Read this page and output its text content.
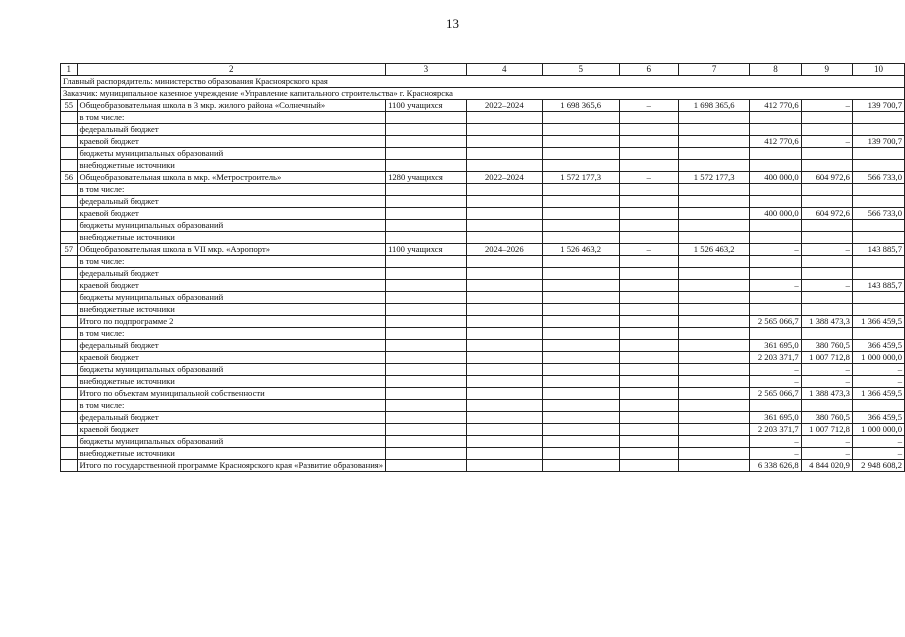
13
1	2	3	4	5	6	7	8	9	10
Главный распорядитель: министерство образования Красноярского края									
Заказчик: муниципальное казенное учреждение «Управление капитального строительства» г. Красноярска									
55	Общеобразовательная школа в 3 мкр. жилого района «Солнечный»	1100 учащихся	2022–2024	1 698 365,6	–	1 698 365,6	412 770,6	–	139 700,7
	в том числе:								
	федеральный бюджет								
	краевой бюджет						412 770,6	–	139 700,7
	бюджеты муниципальных образований								
	внебюджетные источники								
56	Общеобразовательная школа в мкр. «Метростроитель»	1280 учащихся	2022–2024	1 572 177,3	–	1 572 177,3	400 000,0	604 972,6	566 733,0
	в том числе:								
	федеральный бюджет								
	краевой бюджет						400 000,0	604 972,6	566 733,0
	бюджеты муниципальных образований								
	внебюджетные источники								
57	Общеобразовательная школа в VII мкр. «Аэропорт»	1100 учащихся	2024–2026	1 526 463,2	–	1 526 463,2	–	–	143 885,7
	в том числе:								
	федеральный бюджет								
	краевой бюджет						–	–	143 885,7
	бюджеты муниципальных образований								
	внебюджетные источники								
	Итого по подпрограмме 2						2 565 066,7	1 388 473,3	1 366 459,5
	в том числе:								
	федеральный бюджет						361 695,0	380 760,5	366 459,5
	краевой бюджет						2 203 371,7	1 007 712,8	1 000 000,0
	бюджеты муниципальных образований						–	–	–
	внебюджетные источники						–	–	–
	Итого по объектам муниципальной собственности						2 565 066,7	1 388 473,3	1 366 459,5
	в том числе:								
	федеральный бюджет						361 695,0	380 760,5	366 459,5
	краевой бюджет						2 203 371,7	1 007 712,8	1 000 000,0
	бюджеты муниципальных образований						–	–	–
	внебюджетные источники						–	–	–
	Итого по государственной программе Красноярского края «Развитие образования»						6 338 626,8	4 844 020,9	2 948 608,2
